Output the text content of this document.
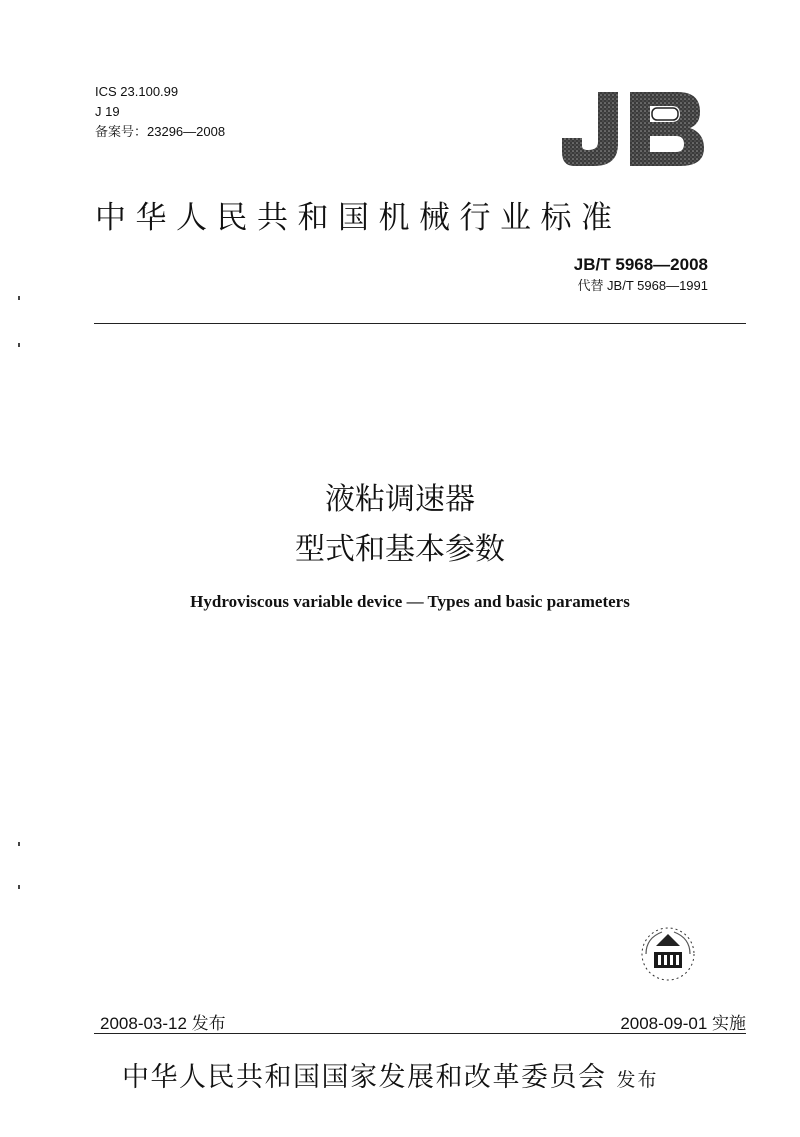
ICS 23.100.99
J 19
备案号：23296—2008
中华人民共和国机械行业标准
JB/T 5968—2008
代替 JB/T 5968—1991
液粘调速器
型式和基本参数
Hydroviscous variable device — Types and basic parameters
2008-03-12 发布	2008-09-01 实施
中华人民共和国国家发展和改革委员会 发布
